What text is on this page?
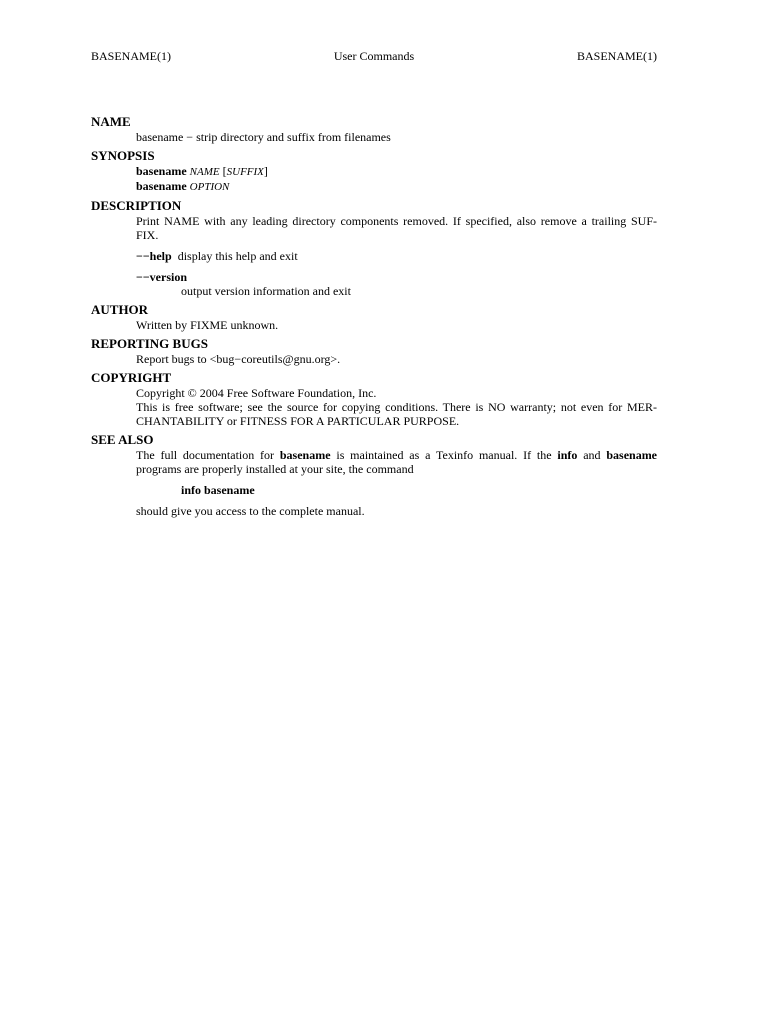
BASENAME(1)	User Commands	BASENAME(1)
NAME
basename − strip directory and suffix from filenames
SYNOPSIS
basename NAME [SUFFIX]
basename OPTION
DESCRIPTION
Print NAME with any leading directory components removed. If specified, also remove a trailing SUF-
FIX.
−−help display this help and exit
−−version
output version information and exit
AUTHOR
Written by FIXME unknown.
REPORTING BUGS
Report bugs to <bug−coreutils@gnu.org>.
COPYRIGHT
Copyright © 2004 Free Software Foundation, Inc.
This is free software; see the source for copying conditions. There is NO warranty; not even for MER-
CHANTABILITY or FITNESS FOR A PARTICULAR PURPOSE.
SEE ALSO
The full documentation for basename is maintained as a Texinfo manual. If the info and basename
programs are properly installed at your site, the command
info basename
should give you access to the complete manual.
